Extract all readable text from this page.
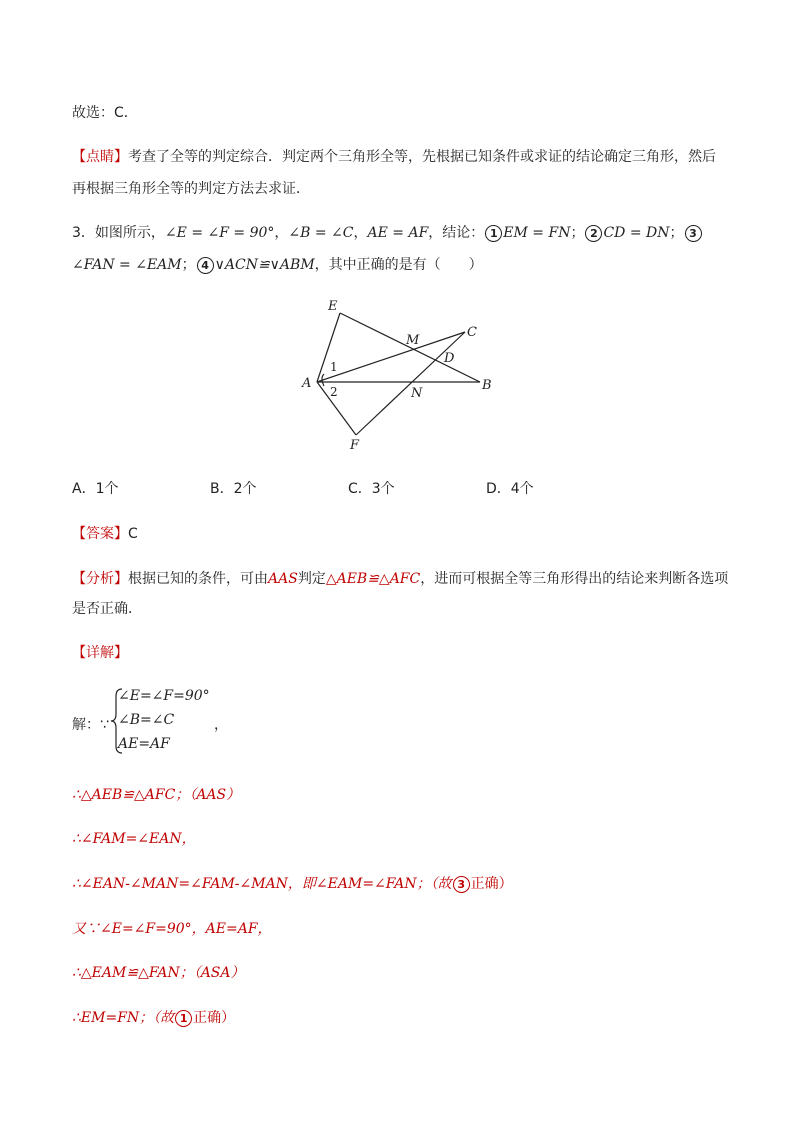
故选：C．
【点睛】考查了全等的判定综合．判定两个三角形全等，先根据已知条件或求证的结论确定三角形，然后
再根据三角形全等的判定方法去求证．
3．如图所示，∠E = ∠F = 90°，∠B = ∠C，AE = AF，结论： 1 EM = FN； 2 CD = DN； 3
∠FAN = ∠EAM； 4 ∨ACN≌∨ABM，其中正确的是有（　　）
E
M
C
D
A	B
N
F
1
2
A．1个	B．2个	C．3个	D．4个
【答案】C
【分析】根据已知的条件，可由AAS判定△AEB≌△AFC，进而可根据全等三角形得出的结论来判断各选项
是否正确．
【详解】
解：∵
∠E=∠F=90°
∠B=∠C
AE=AF
，
∴△AEB≌△AFC；（AAS）
∴∠FAM=∠EAN，
∴∠EAN-∠MAN=∠FAM-∠MAN，即∠EAM=∠FAN；（故 3 正确）
又∵∠E=∠F=90°，AE=AF，
∴△EAM≌△FAN；（ASA）
∴EM=FN；（故 1 正确）
